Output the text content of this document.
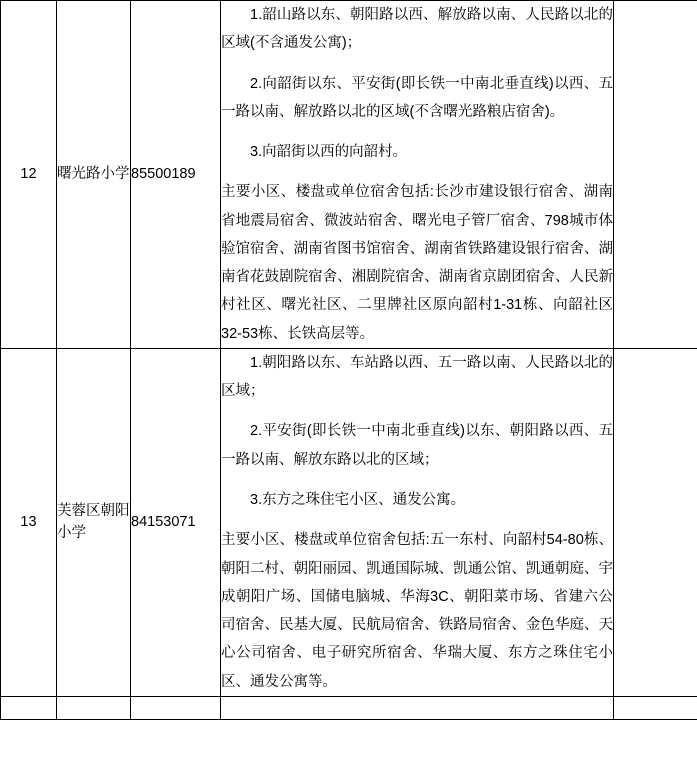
12	曙光路小学	85500189	1.韶山路以东、朝阳路以西、解放路以南、人民路以北的区域(不含通发公寓)；

2.向韶街以东、平安街(即长铁一中南北垂直线)以西、五一路以南、解放路以北的区域(不含曙光路粮店宿舍)。

3.向韶街以西的向韶村。

主要小区、楼盘或单位宿舍包括:长沙市建设银行宿舍、湖南省地震局宿舍、微波站宿舍、曙光电子管厂宿舍、798城市体验馆宿舍、湖南省图书馆宿舍、湖南省铁路建设银行宿舍、湖南省花鼓剧院宿舍、湘剧院宿舍、湖南省京剧团宿舍、人民新村社区、曙光社区、二里牌社区原向韶村1-31栋、向韶社区32-53栋、长铁高层等。	

13	芙蓉区朝阳小学	84153071	1.朝阳路以东、车站路以西、五一路以南、人民路以北的区域；

2.平安街(即长铁一中南北垂直线)以东、朝阳路以西、五一路以南、解放东路以北的区域；

3.东方之珠住宅小区、通发公寓。

主要小区、楼盘或单位宿舍包括:五一东村、向韶村54-80栋、朝阳二村、朝阳丽园、凯通国际城、凯通公馆、凯通朝庭、宇成朝阳广场、国储电脑城、华海3C、朝阳菜市场、省建六公司宿舍、民基大厦、民航局宿舍、铁路局宿舍、金色华庭、天心公司宿舍、电子研究所宿舍、华瑞大厦、东方之珠住宅小区、通发公寓等。	
